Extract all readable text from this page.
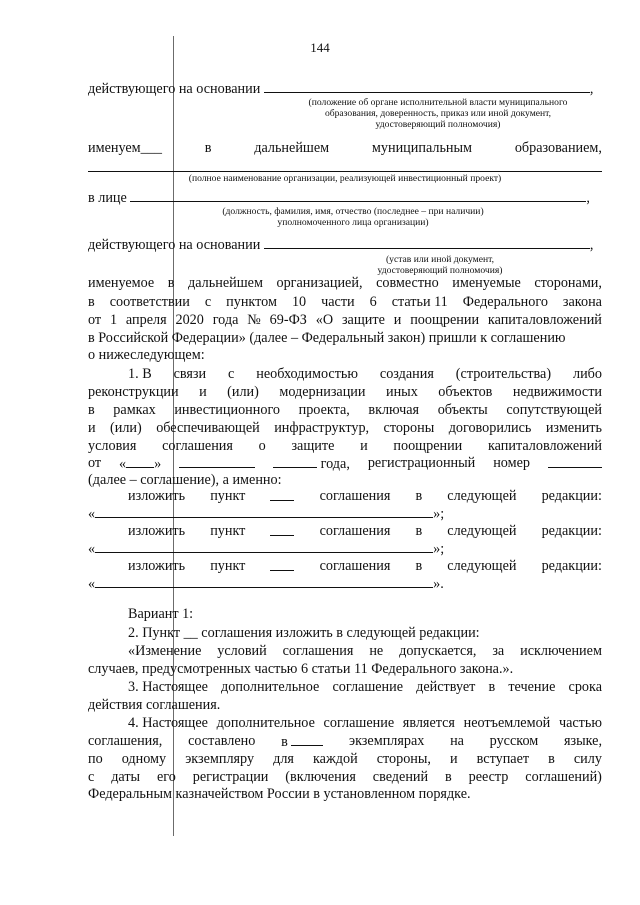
144
действующего на основании	,
(положение об органе исполнительной власти муниципального
образования, доверенность, приказ или иной документ,
удостоверяющий полномочия)
именуем___	в	дальнейшем	муниципальным	образованием,
(полное наименование организации, реализующей инвестиционный проект)
в лице	,
(должность, фамилия, имя, отчество (последнее – при наличии)
уполномоченного лица организации)
действующего на основании	,
(устав или иной документ,
удостоверяющий полномочия)
именуемое в дальнейшем организацией, совместно именуемые сторонами,
в соответствии с пунктом 10 части 6 статьи 11 Федерального закона
от 1 апреля 2020 года № 69-ФЗ «О защите и поощрении капиталовложений
в Российской Федерации» (далее – Федеральный закон) пришли к соглашению
о нижеследующем:
1. В связи с необходимостью создания (строительства) либо
реконструкции и (или) модернизации иных объектов недвижимости
в рамках инвестиционного проекта, включая объекты сопутствующей
и (или) обеспечивающей инфраструктур, стороны договорились изменить
условия соглашения о защите и поощрении капиталовложений
от « »	года, регистрационный номер
(далее – соглашение), а именно:
изложить пункт	соглашения в следующей редакции:
«	»;
изложить пункт	соглашения в следующей редакции:
«	»;
изложить пункт	соглашения в следующей редакции:
«	».
Вариант 1:
2. Пункт __ соглашения изложить в следующей редакции:
«Изменение условий соглашения не допускается, за исключением
случаев, предусмотренных частью 6 статьи 11 Федерального закона.».
3. Настоящее дополнительное соглашение действует в течение срока
действия соглашения.
4. Настоящее дополнительное соглашение является неотъемлемой частью
соглашения, составлено в	экземплярах на русском языке,
по одному экземпляру для каждой стороны, и вступает в силу
с даты его регистрации (включения сведений в реестр соглашений)
Федеральным казначейством России в установленном порядке.
